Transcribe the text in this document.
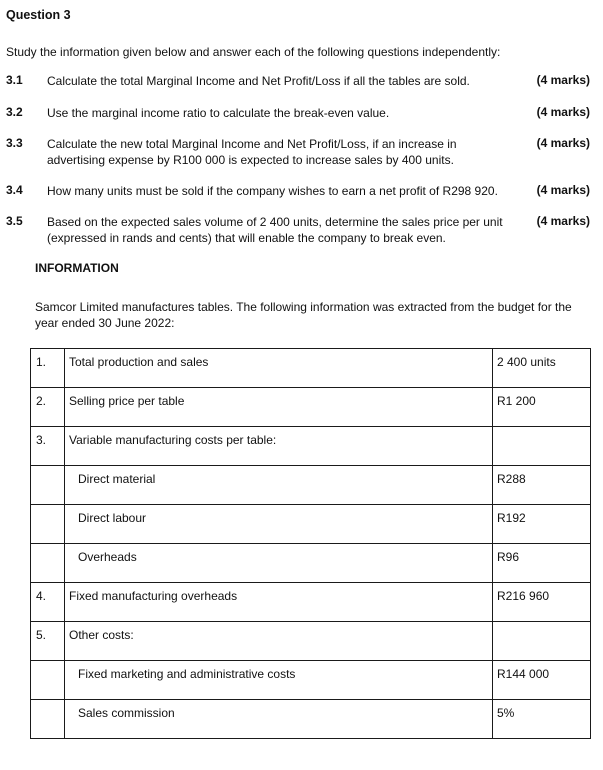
Question 3
Study the information given below and answer each of the following questions independently:
3.1 Calculate the total Marginal Income and Net Profit/Loss if all the tables are sold.	(4 marks)
3.2 Use the marginal income ratio to calculate the break-even value.	(4 marks)
3.3 Calculate the new total Marginal Income and Net Profit/Loss, if an increase in advertising expense by R100 000 is expected to increase sales by 400 units.
(4 marks)
3.4 How many units must be sold if the company wishes to earn a net profit of R298 920.	(4 marks)
3.5 Based on the expected sales volume of 2 400 units, determine the sales price per unit (expressed in rands and cents) that will enable the company to break even.
(4 marks)
INFORMATION
Samcor Limited manufactures tables. The following information was extracted from the budget for the year ended 30 June 2022:
1.	Total production and sales	2 400 units

2.	Selling price per table	R1 200

3.	Variable manufacturing costs per table:	

	Direct material	R288

	Direct labour	R192

	Overheads	R96

4.	Fixed manufacturing overheads	R216 960

5.	Other costs:	

	Fixed marketing and administrative costs	R144 000

	Sales commission	5%
